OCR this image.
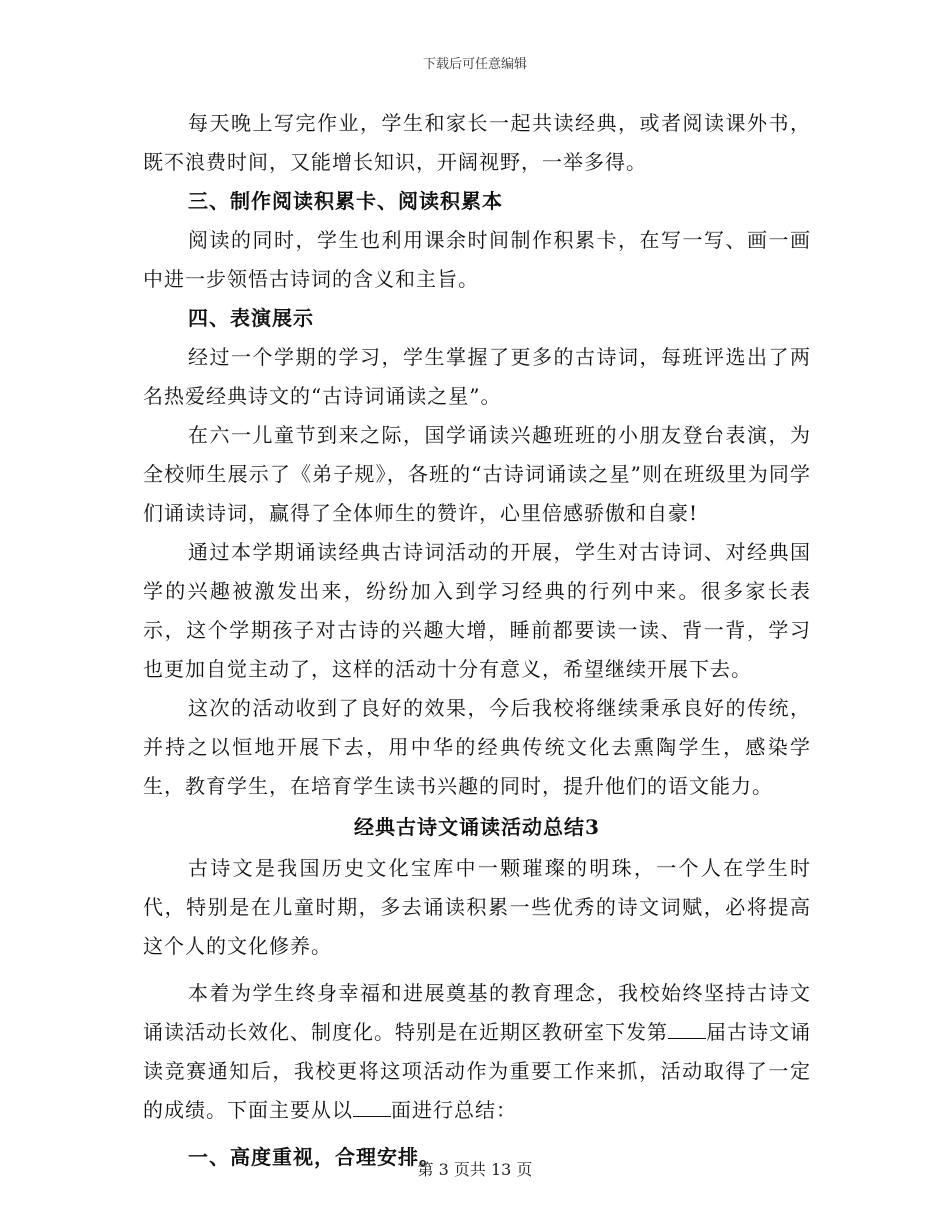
下载后可任意编辑

每天晚上写完作业，学生和家长一起共读经典，或者阅读课外书，既不浪费时间，又能增长知识，开阔视野，一举多得。

三、制作阅读积累卡、阅读积累本

阅读的同时，学生也利用课余时间制作积累卡，在写一写、画一画中进一步领悟古诗词的含义和主旨。

四、表演展示

经过一个学期的学习，学生掌握了更多的古诗词，每班评选出了两名热爱经典诗文的“古诗词诵读之星”。

在六一儿童节到来之际，国学诵读兴趣班班的小朋友登台表演，为全校师生展示了《弟子规》，各班的“古诗词诵读之星”则在班级里为同学们诵读诗词，赢得了全体师生的赞许，心里倍感骄傲和自豪!

通过本学期诵读经典古诗词活动的开展，学生对古诗词、对经典国学的兴趣被激发出来，纷纷加入到学习经典的行列中来。很多家长表示，这个学期孩子对古诗的兴趣大增，睡前都要读一读、背一背，学习也更加自觉主动了，这样的活动十分有意义，希望继续开展下去。

这次的活动收到了良好的效果，今后我校将继续秉承良好的传统，并持之以恒地开展下去，用中华的经典传统文化去熏陶学生，感染学生，教育学生，在培育学生读书兴趣的同时，提升他们的语文能力。

经典古诗文诵读活动总结3

古诗文是我国历史文化宝库中一颗璀璨的明珠，一个人在学生时代，特别是在儿童时期，多去诵读积累一些优秀的诗文词赋，必将提高这个人的文化修养。

本着为学生终身幸福和进展奠基的教育理念，我校始终坚持古诗文诵读活动长效化、制度化。特别是在近期区教研室下发第 届古诗文诵读竞赛通知后，我校更将这项活动作为重要工作来抓，活动取得了一定的成绩。下面主要从以 面进行总结：

一、高度重视，合理安排。

第 3 页共 13 页
